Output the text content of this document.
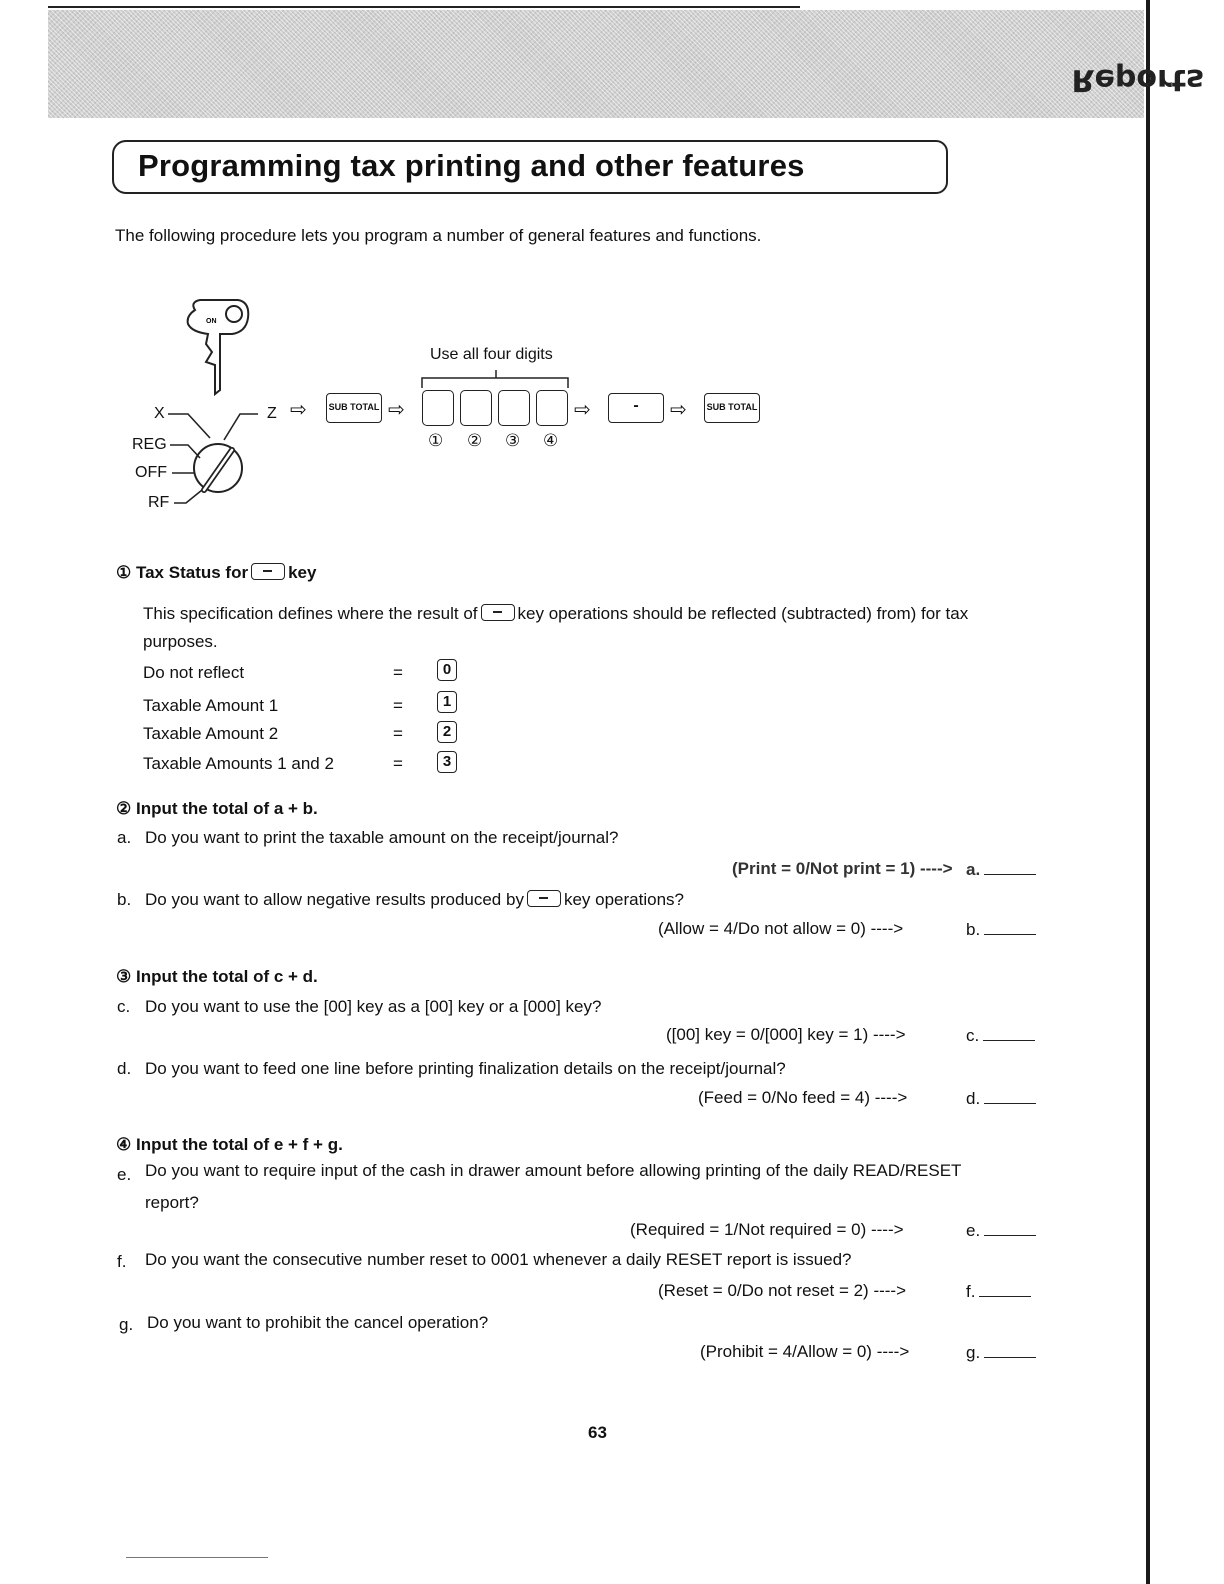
Reports
Programming tax printing and other features
The following procedure lets you program a number of general features and functions.
ON
X	Z
REG
OFF
RF
⇨ SUB TOTAL ⇨
Use all four digits
① ② ③ ④
⇨	-	⇨ SUB TOTAL
① Tax Status for key
This specification defines where the result of key operations should be reflected (subtracted) from) for tax
purposes.
Do not reflect	=	0
Taxable Amount 1	=	1
Taxable Amount 2	=	2
Taxable Amounts 1 and 2	=	3
② Input the total of a + b.
a. Do you want to print the taxable amount on the receipt/journal?
(Print = 0/Not print = 1) ----> a.
b. Do you want to allow negative results produced by key operations?
(Allow = 4/Do not allow = 0) ---->	b.
③ Input the total of c + d.
c. Do you want to use the [00] key as a [00] key or a [000] key?
([00] key = 0/[000] key = 1) ---->	c.
d. Do you want to feed one line before printing finalization details on the receipt/journal?
(Feed = 0/No feed = 4) ---->	d.
④ Input the total of e + f + g.
e. Do you want to require input of the cash in drawer amount before allowing printing of the daily READ/RESET
report?
(Required = 1/Not required = 0) ---->	e.
f. Do you want the consecutive number reset to 0001 whenever a daily RESET report is issued?
(Reset = 0/Do not reset = 2) ---->	f.
g. Do you want to prohibit the cancel operation?
(Prohibit = 4/Allow = 0) ---->	g.
63
